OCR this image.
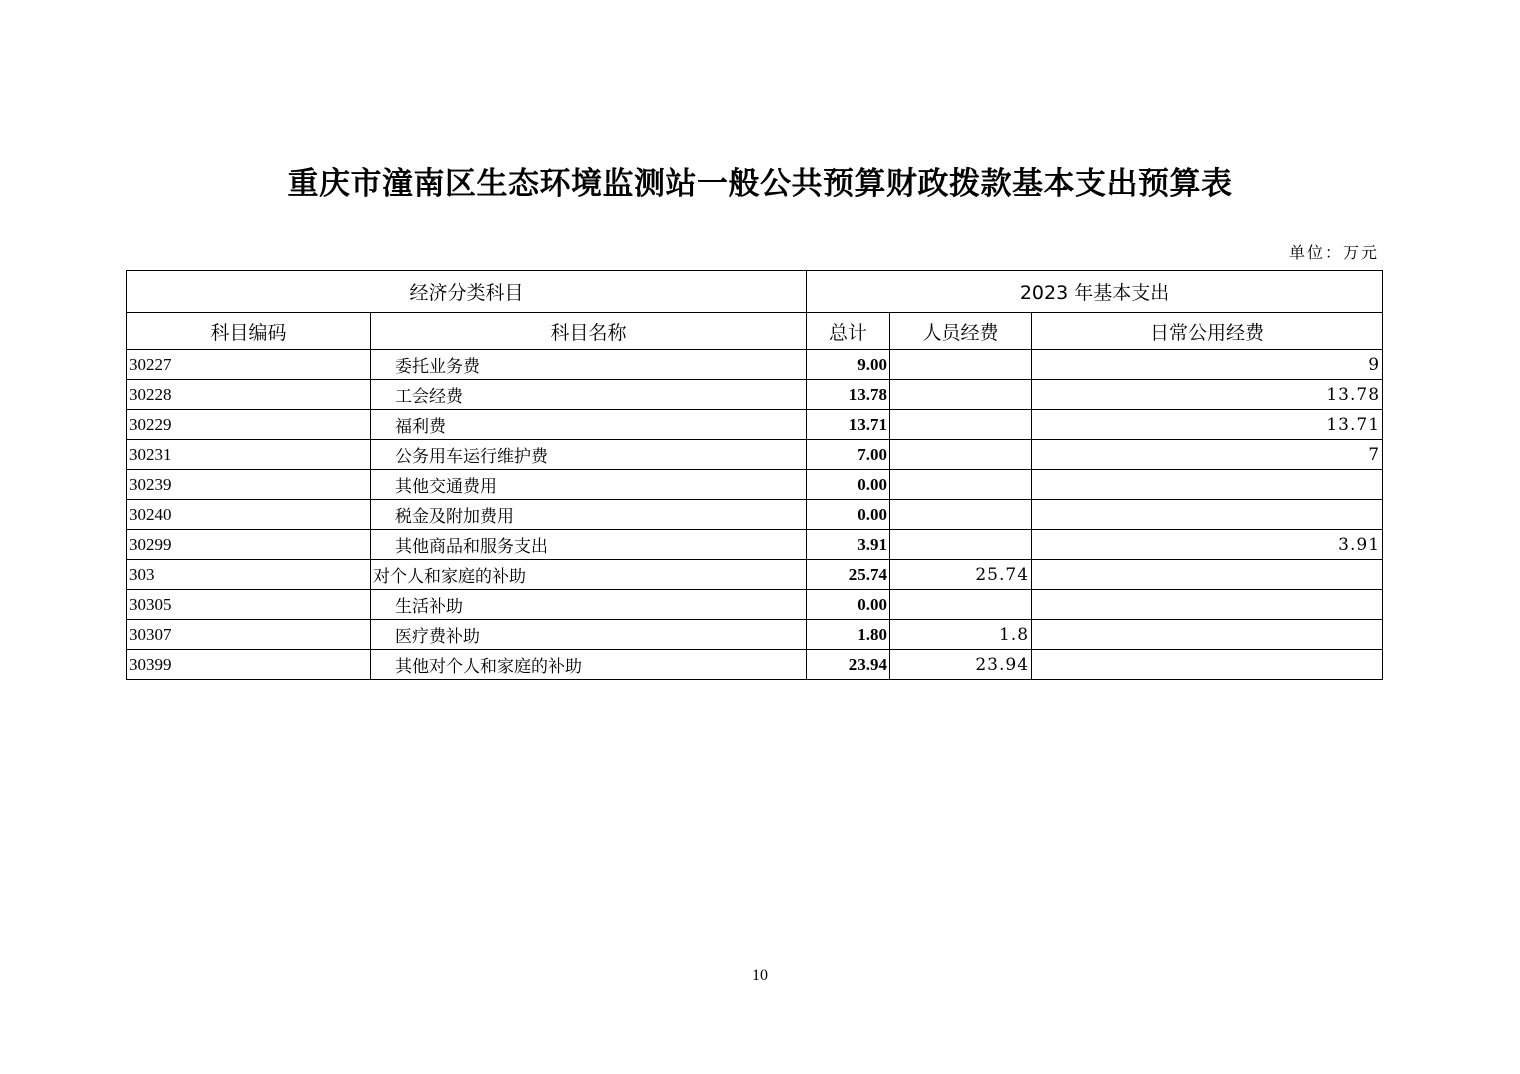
重庆市潼南区生态环境监测站一般公共预算财政拨款基本支出预算表
单位：万元
经济分类科目		2023 年基本支出		
科目编码	科目名称	总计	人员经费	日常公用经费
30227	委托业务费	9.00		9
30228	工会经费	13.78		13.78
30229	福利费	13.71		13.71
30231	公务用车运行维护费	7.00		7
30239	其他交通费用	0.00		
30240	税金及附加费用	0.00		
30299	其他商品和服务支出	3.91		3.91
303	对个人和家庭的补助	25.74	25.74	
30305	生活补助	0.00		
30307	医疗费补助	1.80	1.8	
30399	其他对个人和家庭的补助	23.94	23.94	
10
